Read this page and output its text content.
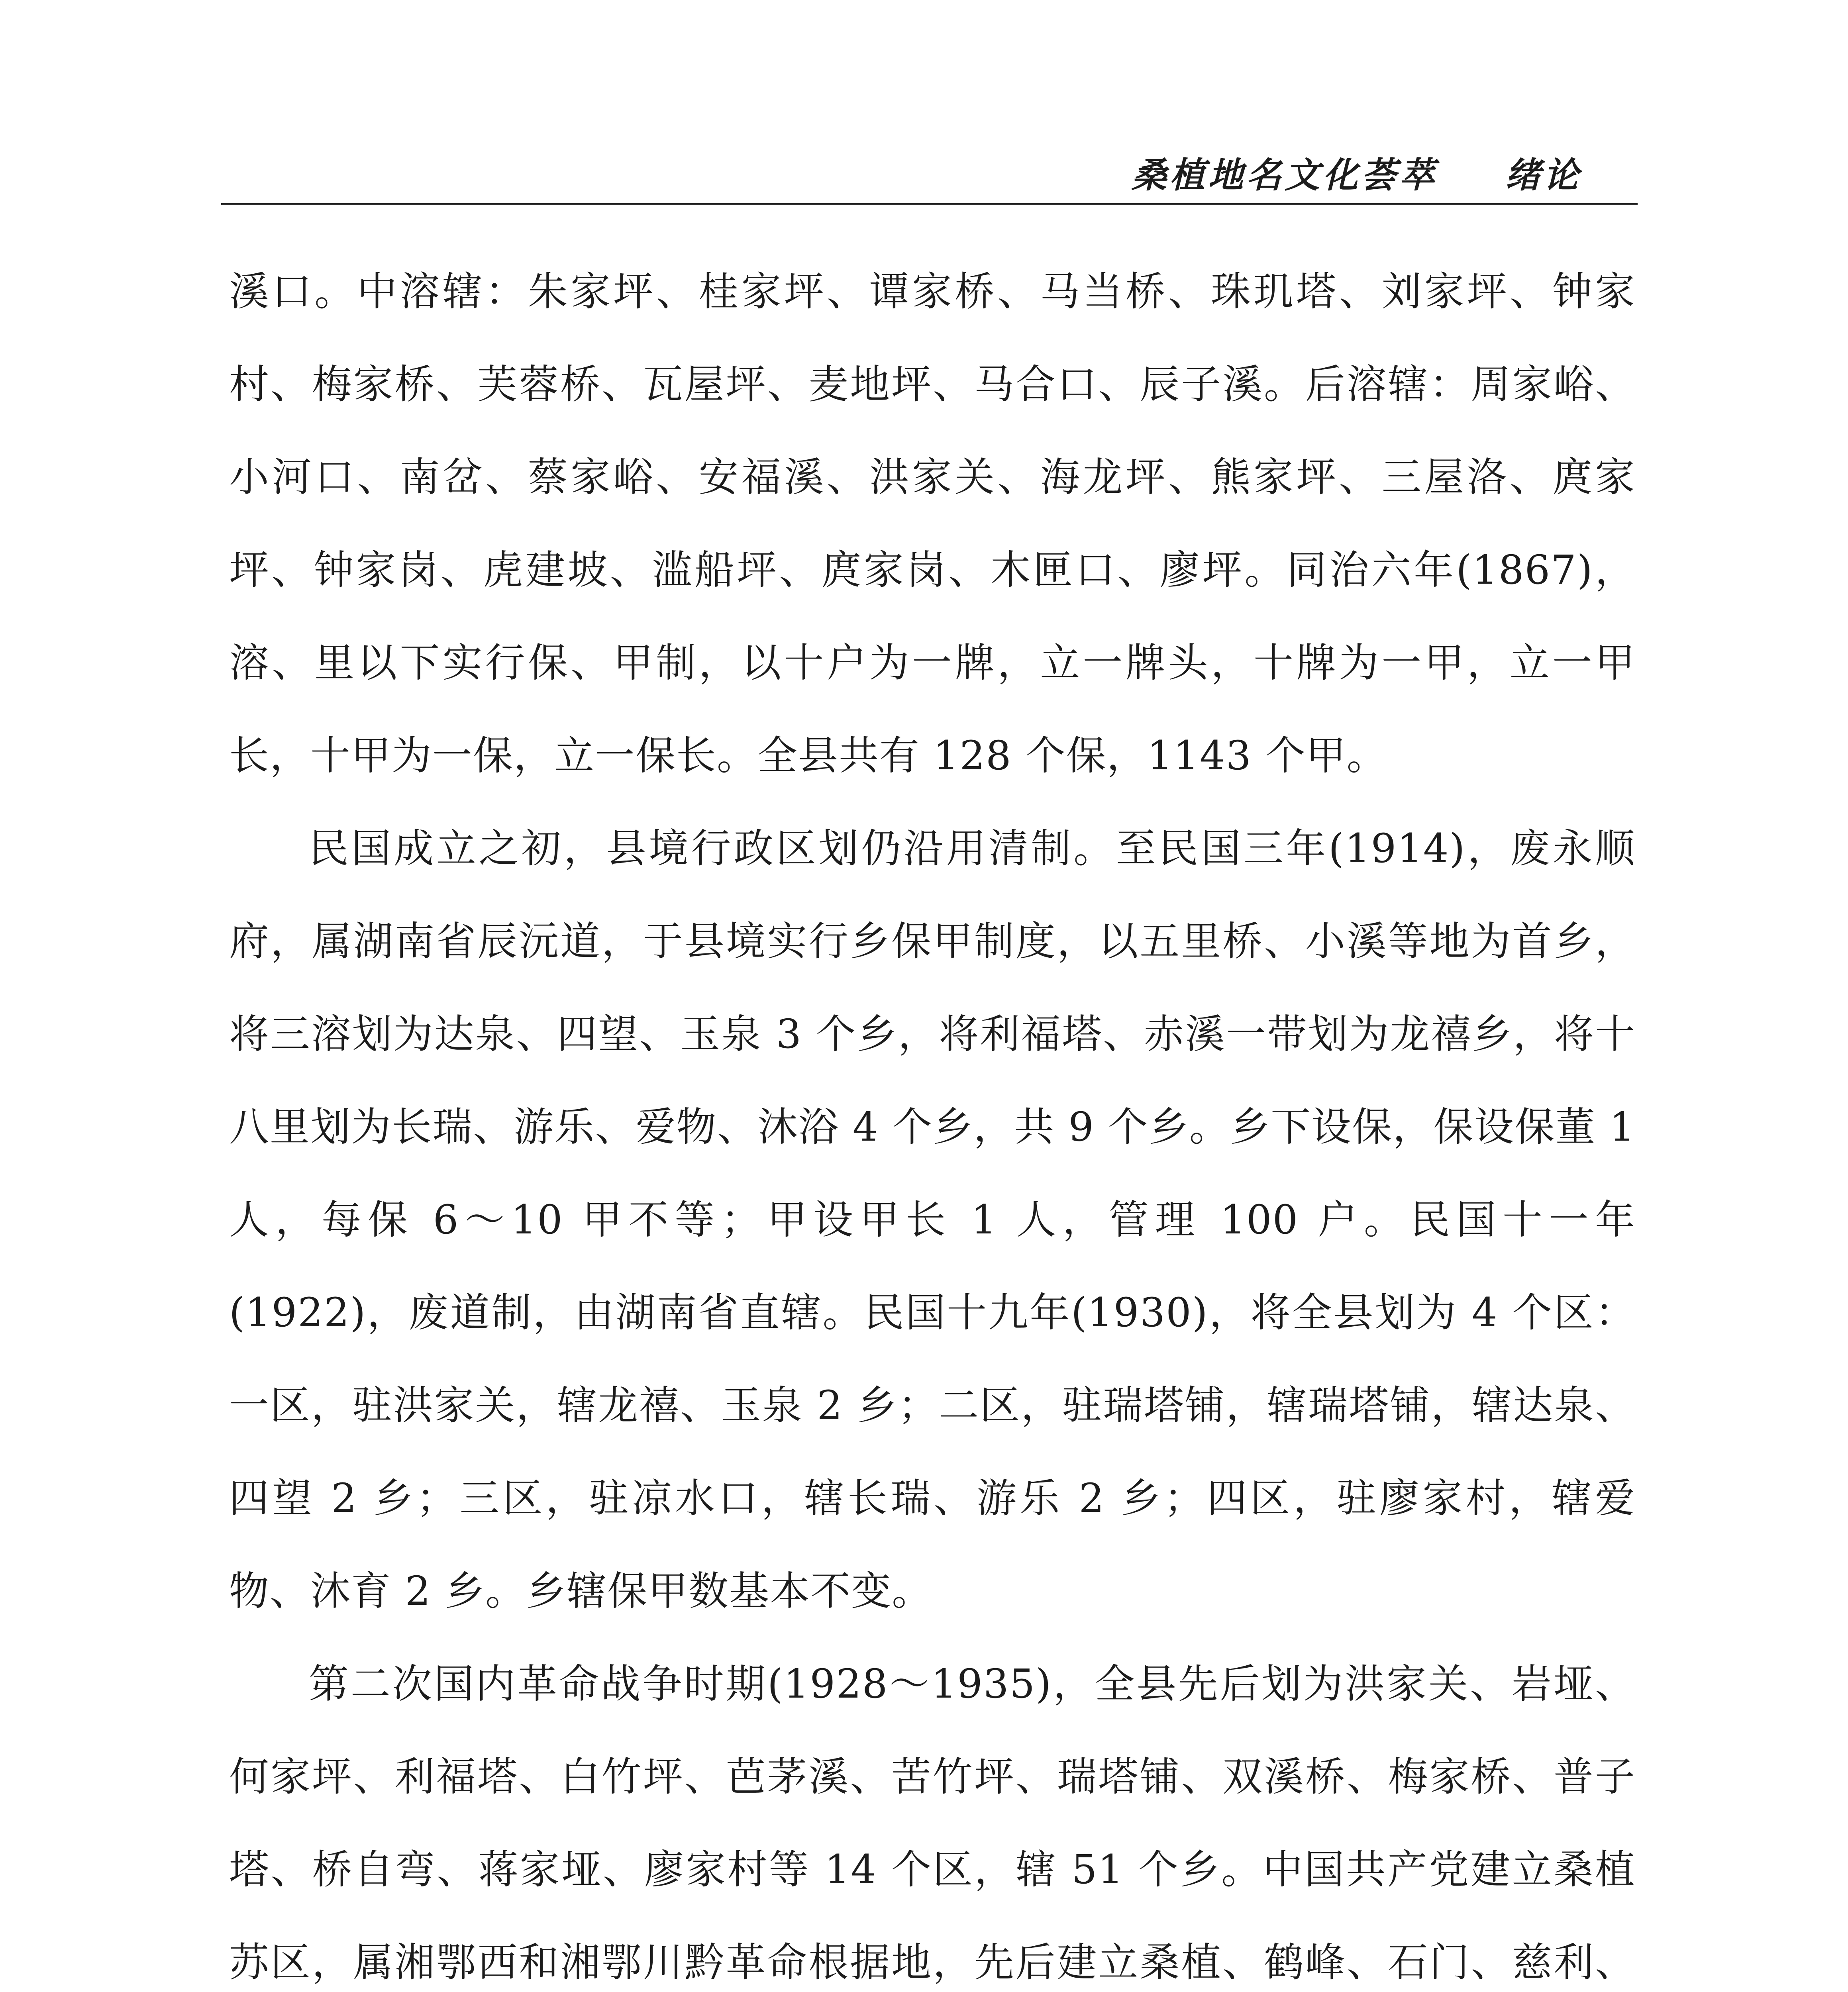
桑植地名文化荟萃 绪论

溪口。中溶辖：朱家坪、桂家坪、谭家桥、马当桥、珠玑塔、刘家坪、钟家村、梅家桥、芙蓉桥、瓦屋坪、麦地坪、马合口、辰子溪。后溶辖：周家峪、小河口、南岔、蔡家峪、安福溪、洪家关、海龙坪、熊家坪、三屋洛、庹家坪、钟家岗、虎建坡、滥船坪、庹家岗、木匣口、廖坪。同治六年(1867)，溶、里以下实行保、甲制，以十户为一牌，立一牌头，十牌为一甲，立一甲长，十甲为一保，立一保长。全县共有 128 个保，1143 个甲。

民国成立之初，县境行政区划仍沿用清制。至民国三年(1914)，废永顺府，属湖南省辰沅道，于县境实行乡保甲制度，以五里桥、小溪等地为首乡，将三溶划为达泉、四望、玉泉 3 个乡，将利福塔、赤溪一带划为龙禧乡，将十八里划为长瑞、游乐、爱物、沐浴 4 个乡，共 9 个乡。乡下设保，保设保董 1 人，每保 6～10 甲不等；甲设甲长 1 人，管理 100 户。民国十一年(1922)，废道制，由湖南省直辖。民国十九年(1930)，将全县划为 4 个区：一区，驻洪家关，辖龙禧、玉泉 2 乡；二区，驻瑞塔铺，辖瑞塔铺，辖达泉、四望 2 乡；三区，驻凉水口，辖长瑞、游乐 2 乡；四区，驻廖家村，辖爱物、沐育 2 乡。乡辖保甲数基本不变。

第二次国内革命战争时期(1928～1935)，全县先后划为洪家关、岩垭、何家坪、利福塔、白竹坪、芭茅溪、苦竹坪、瑞塔铺、双溪桥、梅家桥、普子塔、桥自弯、蒋家垭、廖家村等 14 个区，辖 51 个乡。中国共产党建立桑植苏区，属湘鄂西和湘鄂川黔革命根据地，先后建立桑植、鹤峰、石门、慈利、
